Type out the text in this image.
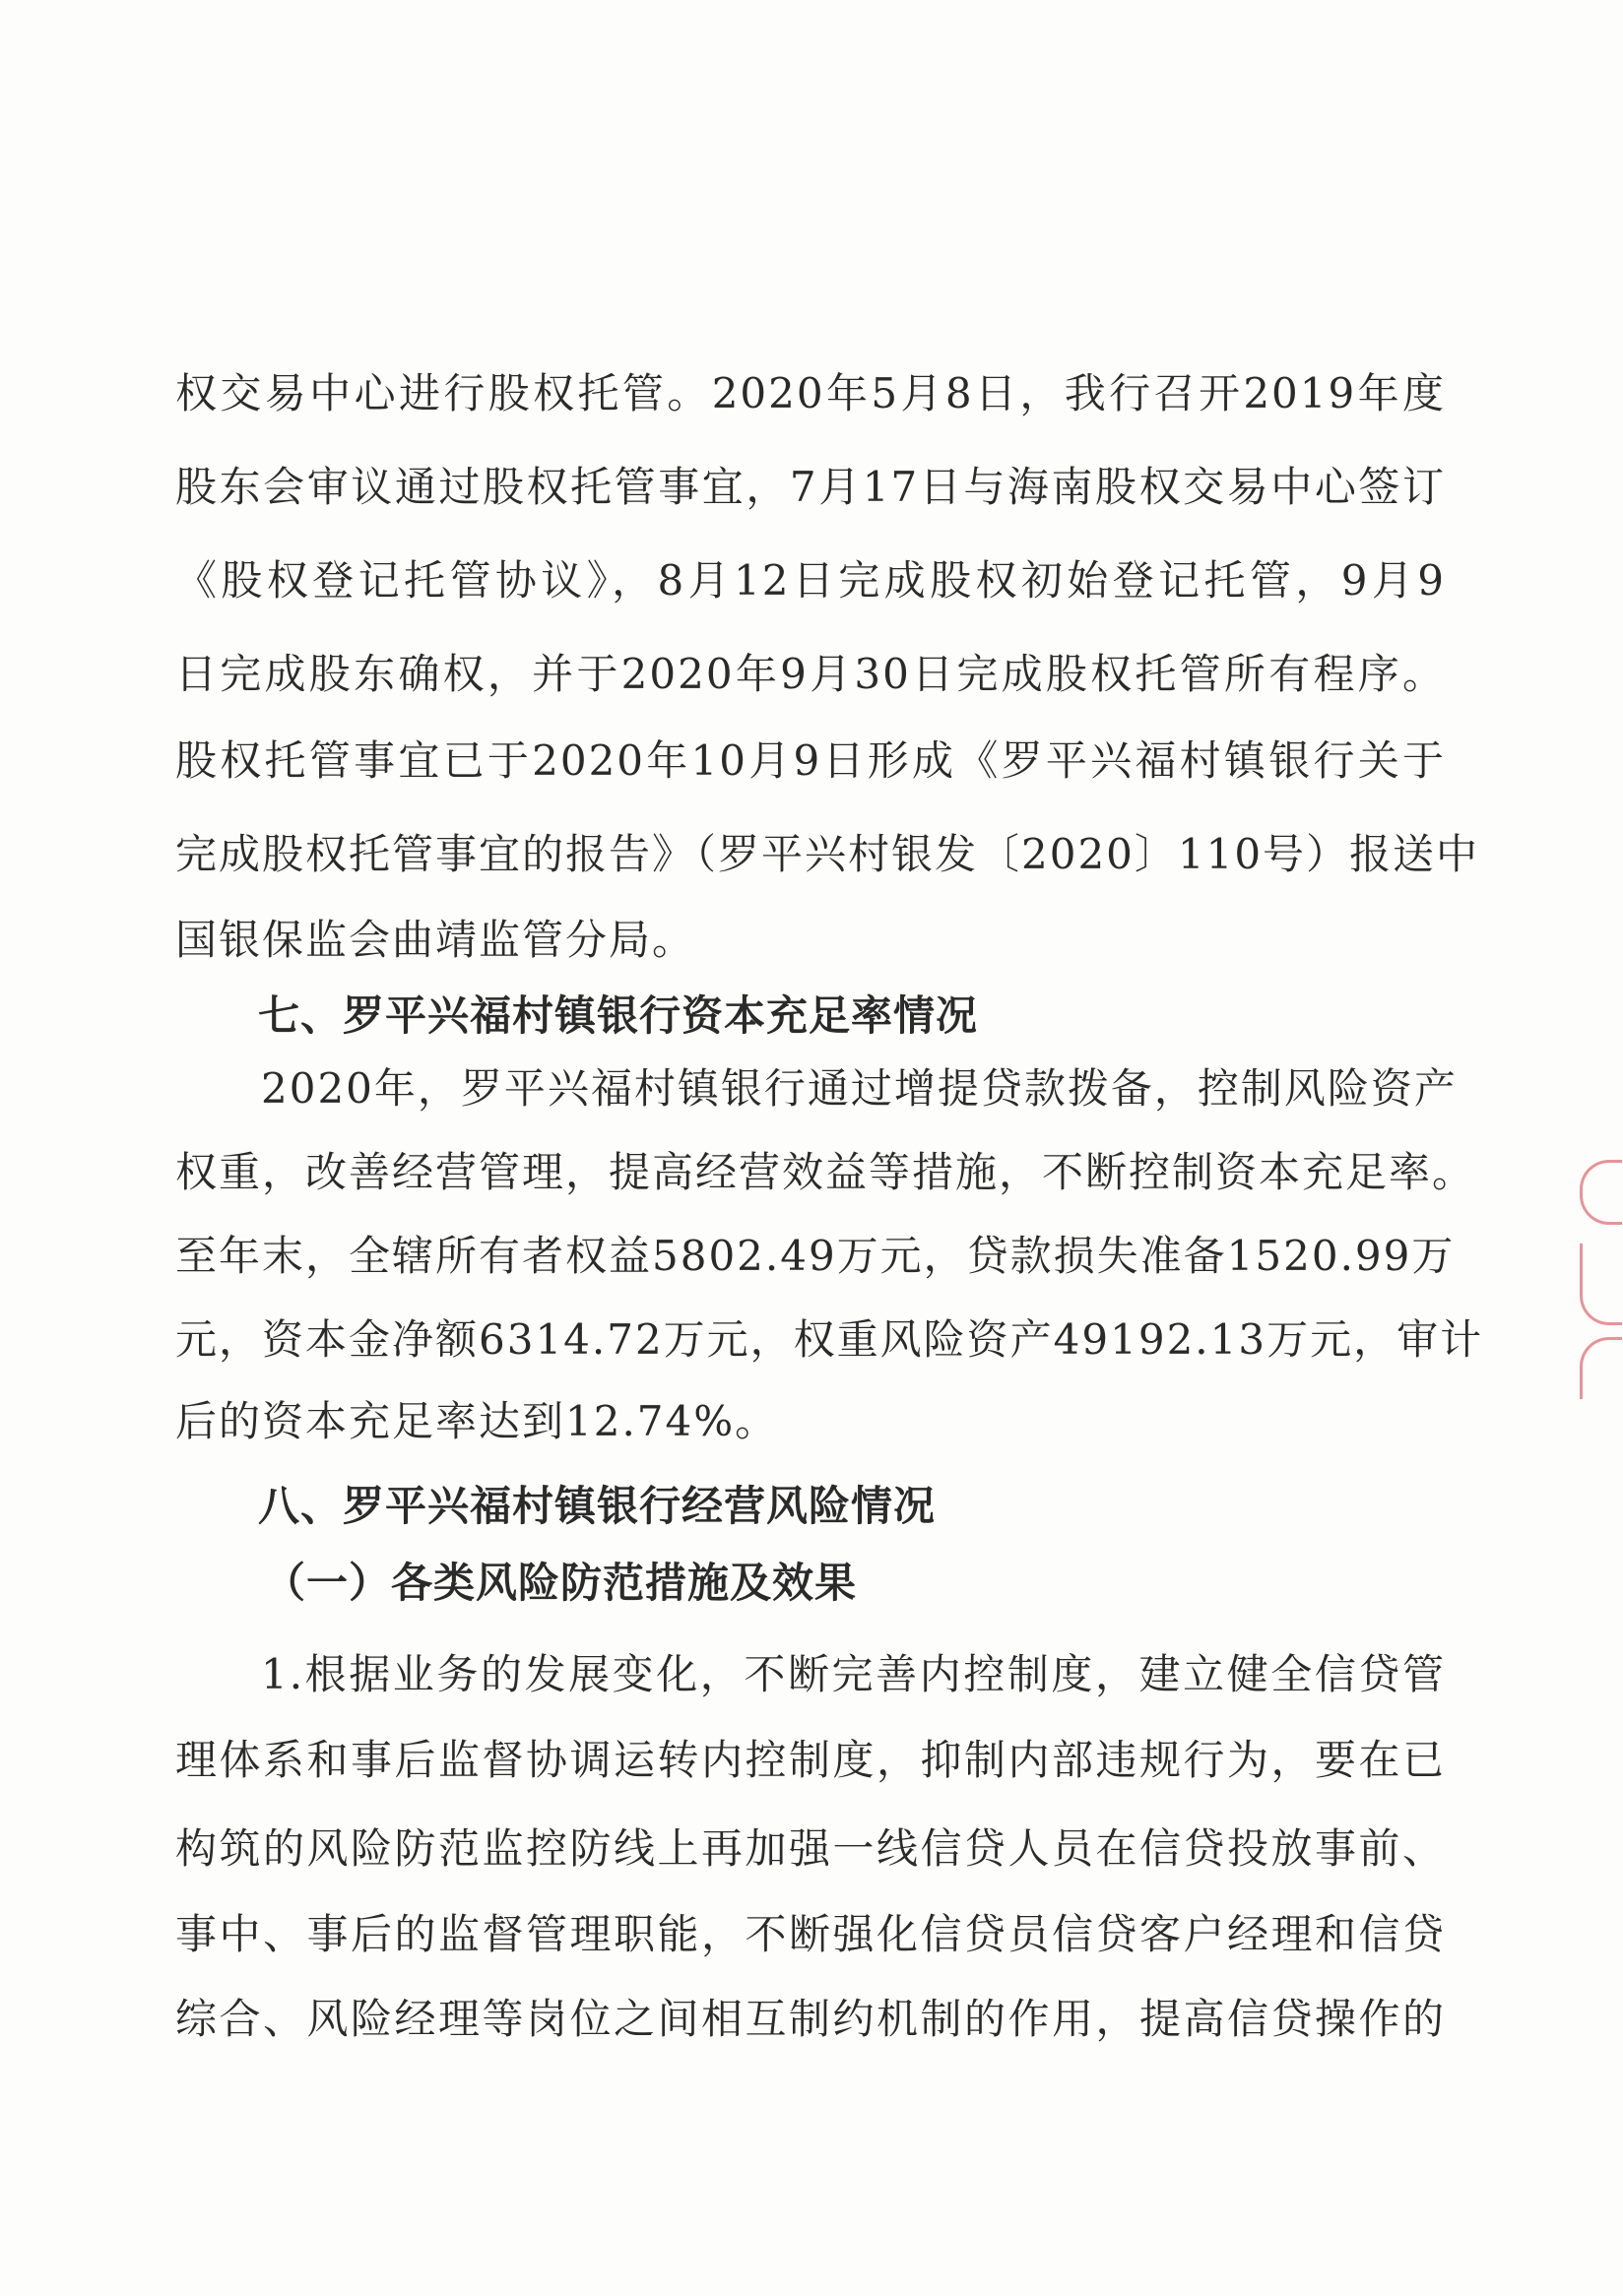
权交易中心进行股权托管。2020年5月8日，我行召开2019年度
股东会审议通过股权托管事宜，7月17日与海南股权交易中心签订
《股权登记托管协议》，8月12日完成股权初始登记托管，9月9
日完成股东确权，并于2020年9月30日完成股权托管所有程序。
股权托管事宜已于2020年10月9日形成《罗平兴福村镇银行关于
完成股权托管事宜的报告》（罗平兴村银发〔2020〕110号）报送中
国银保监会曲靖监管分局。
七、罗平兴福村镇银行资本充足率情况
2020年，罗平兴福村镇银行通过增提贷款拨备，控制风险资产
权重，改善经营管理，提高经营效益等措施，不断控制资本充足率。
至年末，全辖所有者权益5802.49万元，贷款损失准备1520.99万
元，资本金净额6314.72万元，权重风险资产49192.13万元，审计
后的资本充足率达到12.74%。
八、罗平兴福村镇银行经营风险情况
（一）各类风险防范措施及效果
1.根据业务的发展变化，不断完善内控制度，建立健全信贷管
理体系和事后监督协调运转内控制度，抑制内部违规行为，要在已
构筑的风险防范监控防线上再加强一线信贷人员在信贷投放事前、
事中、事后的监督管理职能，不断强化信贷员信贷客户经理和信贷
综合、风险经理等岗位之间相互制约机制的作用，提高信贷操作的
